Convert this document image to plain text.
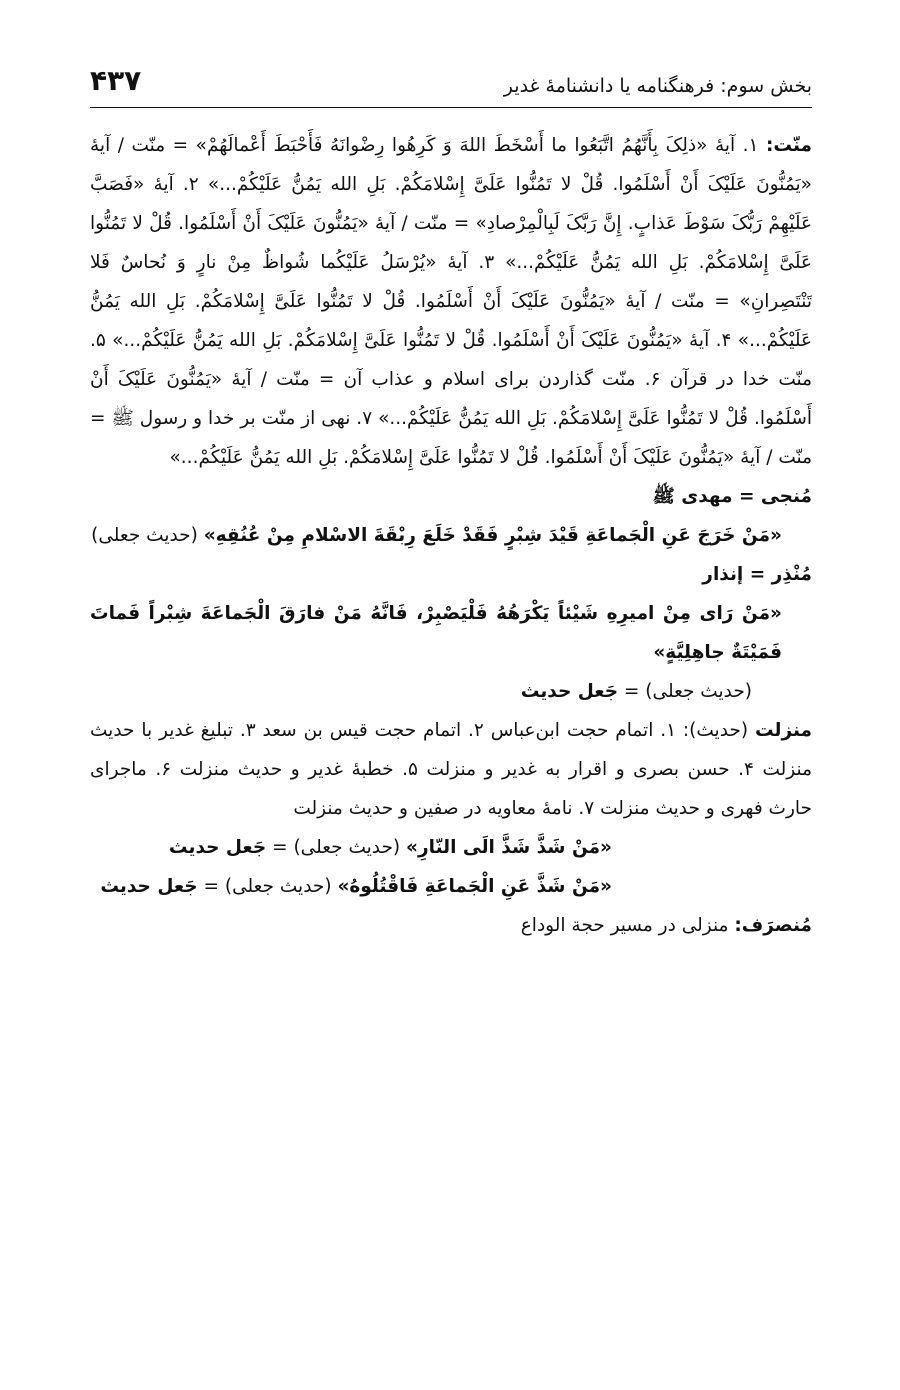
بخش سوم: فرهنگنامه یا دانشنامهٔ غدیر
۴۳۷

منّت: ۱. آیهٔ «ذلِکَ بِأَنَّهُمُ اتَّبَعُوا ما أَسْخَطَ اللهَ وَ کَرِهُوا رِضْوانَهُ فَأَحْبَطَ أَعْمالَهُمْ» = منّت / آیهٔ «یَمُنُّونَ عَلَیْکَ أَنْ أَسْلَمُوا. قُلْ لا تَمُنُّوا عَلَیَّ إِسْلامَکُمْ. بَلِ الله یَمُنُّ عَلَیْکُمْ...» ۲. آیهٔ «فَصَبَّ عَلَیْهِمْ رَبُّکَ سَوْطَ عَذابٍ. إِنَّ رَبَّکَ لَبِالْمِرْصادِ» = منّت / آیهٔ «یَمُنُّونَ عَلَیْکَ أَنْ أَسْلَمُوا. قُلْ لا تَمُنُّوا عَلَیَّ إِسْلامَکُمْ. بَلِ الله یَمُنُّ عَلَیْکُمْ...» ۳. آیهٔ «یُرْسَلُ عَلَیْکُما شُواظٌ مِنْ نارٍ وَ نُحاسٌ فَلا تَنْتَصِرانِ» = منّت / آیهٔ «یَمُنُّونَ عَلَیْکَ أَنْ أَسْلَمُوا. قُلْ لا تَمُنُّوا عَلَیَّ إِسْلامَکُمْ. بَلِ الله یَمُنُّ عَلَیْکُمْ...» ۴. آیهٔ «یَمُنُّونَ عَلَیْکَ أَنْ أَسْلَمُوا. قُلْ لا تَمُنُّوا عَلَیَّ إِسْلامَکُمْ. بَلِ الله یَمُنُّ عَلَیْکُمْ...» ۵. منّت خدا در قرآن ۶. منّت گذاردن برای اسلام و عذاب آن = منّت / آیهٔ «یَمُنُّونَ عَلَیْکَ أَنْ أَسْلَمُوا. قُلْ لا تَمُنُّوا عَلَیَّ إِسْلامَکُمْ. بَلِ الله یَمُنُّ عَلَیْکُمْ...» ۷. نهی از منّت بر خدا و رسول ﷺ = منّت / آیهٔ «یَمُنُّونَ عَلَیْکَ أَنْ أَسْلَمُوا. قُلْ لا تَمُنُّوا عَلَیَّ إِسْلامَکُمْ. بَلِ الله یَمُنُّ عَلَیْکُمْ...»

مُنجی = مهدی ﷺ

«مَنْ خَرَجَ عَنِ الْجَماعَةِ قَیْدَ شِبْرٍ فَقَدْ خَلَعَ رِبْقَةَ الاسْلامِ مِنْ عُنُقِهِ» (حدیث جعلی)

مُنْذِر = إنذار

«مَنْ رَای مِنْ امیرِهِ شَیْئاً یَکْرَهُهُ فَلْیَصْبِرْ، فَانَّهُ مَنْ فارَقَ الْجَماعَةَ شِبْراً فَماتَ فَمَیْتَةٌ جاهِلِیَّةٍ»

(حدیث جعلی) = جَعل حدیث

منزلت (حدیث): ۱. اتمام حجت ابن‌عباس ۲. اتمام حجت قیس بن سعد ۳. تبلیغ غدیر با حدیث منزلت ۴. حسن بصری و اقرار به غدیر و منزلت ۵. خطبهٔ غدیر و حدیث منزلت ۶. ماجرای حارث فهری و حدیث منزلت ۷. نامهٔ معاویه در صفین و حدیث منزلت

«مَنْ شَذَّ شَذَّ الَی النّارِ» (حدیث جعلی) = جَعل حدیث

«مَنْ شَذَّ عَنِ الْجَماعَةِ فَاقْتُلُوهُ» (حدیث جعلی) = جَعل حدیث

مُنصرَف: منزلی در مسیر حجة الوداع
